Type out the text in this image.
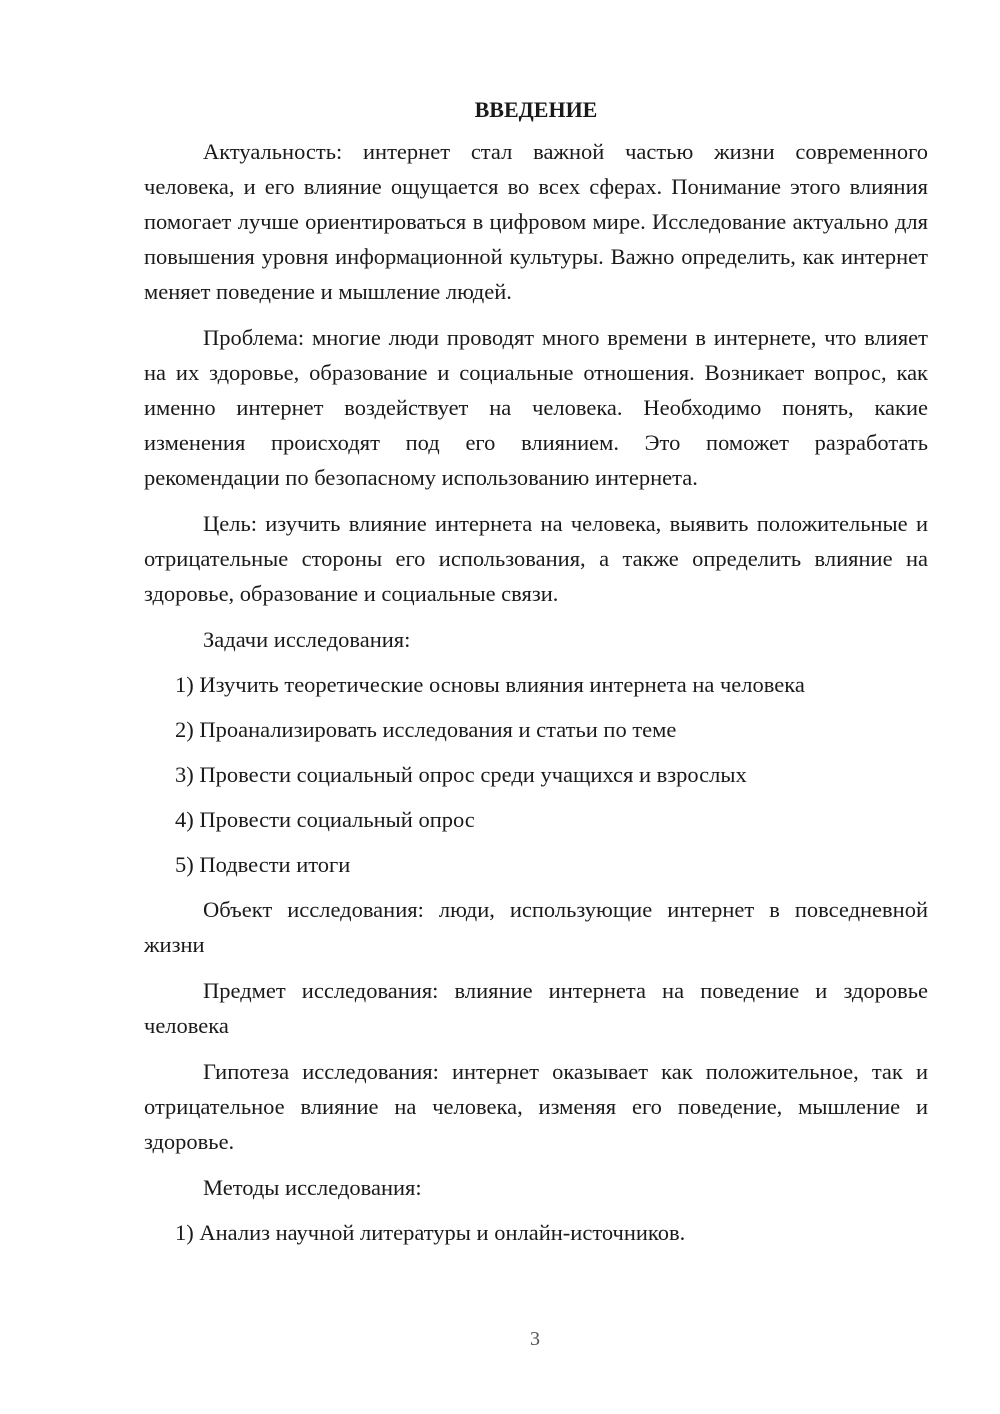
ВВЕДЕНИЕ

Актуальность: интернет стал важной частью жизни современного человека, и его влияние ощущается во всех сферах. Понимание этого влияния помогает лучше ориентироваться в цифровом мире. Исследование актуально для повышения уровня информационной культуры. Важно определить, как интернет меняет поведение и мышление людей.

Проблема: многие люди проводят много времени в интернете, что влияет на их здоровье, образование и социальные отношения. Возникает вопрос, как именно интернет воздействует на человека. Необходимо понять, какие изменения происходят под его влиянием. Это поможет разработать рекомендации по безопасному использованию интернета.

Цель: изучить влияние интернета на человека, выявить положительные и отрицательные стороны его использования, а также определить влияние на здоровье, образование и социальные связи.

Задачи исследования:

1) Изучить теоретические основы влияния интернета на человека
2) Проанализировать исследования и статьи по теме
3) Провести социальный опрос среди учащихся и взрослых
4) Провести социальный опрос
5) Подвести итоги

Объект исследования: люди, использующие интернет в повседневной жизни

Предмет исследования: влияние интернета на поведение и здоровье человека

Гипотеза исследования: интернет оказывает как положительное, так и отрицательное влияние на человека, изменяя его поведение, мышление и здоровье.

Методы исследования:

1) Анализ научной литературы и онлайн-источников.
3
